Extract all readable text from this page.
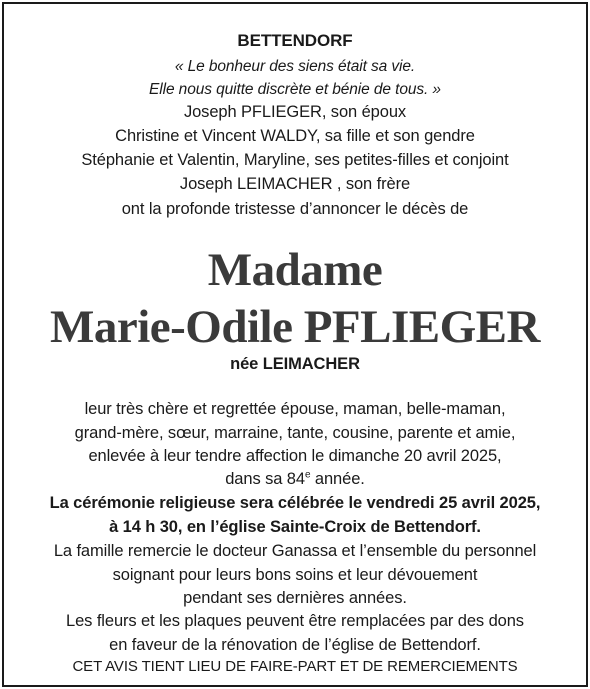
BETTENDORF
« Le bonheur des siens était sa vie.
Elle nous quitte discrète et bénie de tous. »
Joseph PFLIEGER, son époux
Christine et Vincent WALDY, sa fille et son gendre
Stéphanie et Valentin, Maryline, ses petites-filles et conjoint
Joseph LEIMACHER , son frère
ont la profonde tristesse d’annoncer le décès de
Madame
Marie-Odile PFLIEGER
née LEIMACHER
leur très chère et regrettée épouse, maman, belle-maman,
grand-mère, sœur, marraine, tante, cousine, parente et amie,
enlevée à leur tendre affection le dimanche 20 avril 2025,
dans sa 84e année.
La cérémonie religieuse sera célébrée le vendredi 25 avril 2025,
à 14 h 30, en l’église Sainte-Croix de Bettendorf.
La famille remercie le docteur Ganassa et l’ensemble du personnel
soignant pour leurs bons soins et leur dévouement
pendant ses dernières années.
Les fleurs et les plaques peuvent être remplacées par des dons
en faveur de la rénovation de l’église de Bettendorf.
CET AVIS TIENT LIEU DE FAIRE-PART ET DE REMERCIEMENTS
